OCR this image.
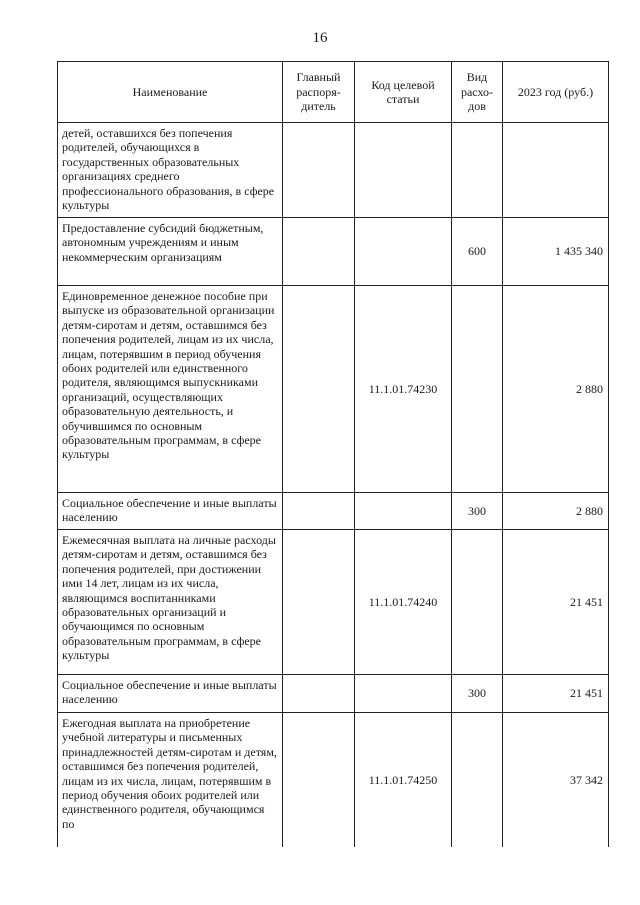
16
Наименование	Главный распоря-дитель	Код целевой статьи	Вид расхо-дов	2023 год (руб.)
детей, оставшихся без попечения родителей, обучающихся в государственных образовательных организациях среднего профессионального образования, в сфере культуры				
Предоставление субсидий бюджетным, автономным учреждениям и иным некоммерческим организациям			600	1 435 340
Единовременное денежное пособие при выпуске из образовательной организации детям-сиротам и детям, оставшимся без попечения родителей, лицам из их числа, лицам, потерявшим в период обучения обоих родителей или единственного родителя, являющимся выпускниками организаций, осуществляющих образовательную деятельность, и обучившимся по основным образовательным программам, в сфере культуры		11.1.01.74230		2 880
Социальное обеспечение и иные выплаты населению			300	2 880
Ежемесячная выплата на личные расходы детям-сиротам и детям, оставшимся без попечения родителей, при достижении ими 14 лет, лицам из их числа, являющимся воспитанниками образовательных организаций и обучающимся по основным образовательным программам, в сфере культуры		11.1.01.74240		21 451
Социальное обеспечение и иные выплаты населению			300	21 451
Ежегодная выплата на приобретение учебной литературы и письменных принадлежностей детям-сиротам и детям, оставшимся без попечения родителей, лицам из их числа, лицам, потерявшим в период обучения обоих родителей или единственного родителя, обучающимся по		11.1.01.74250		37 342
